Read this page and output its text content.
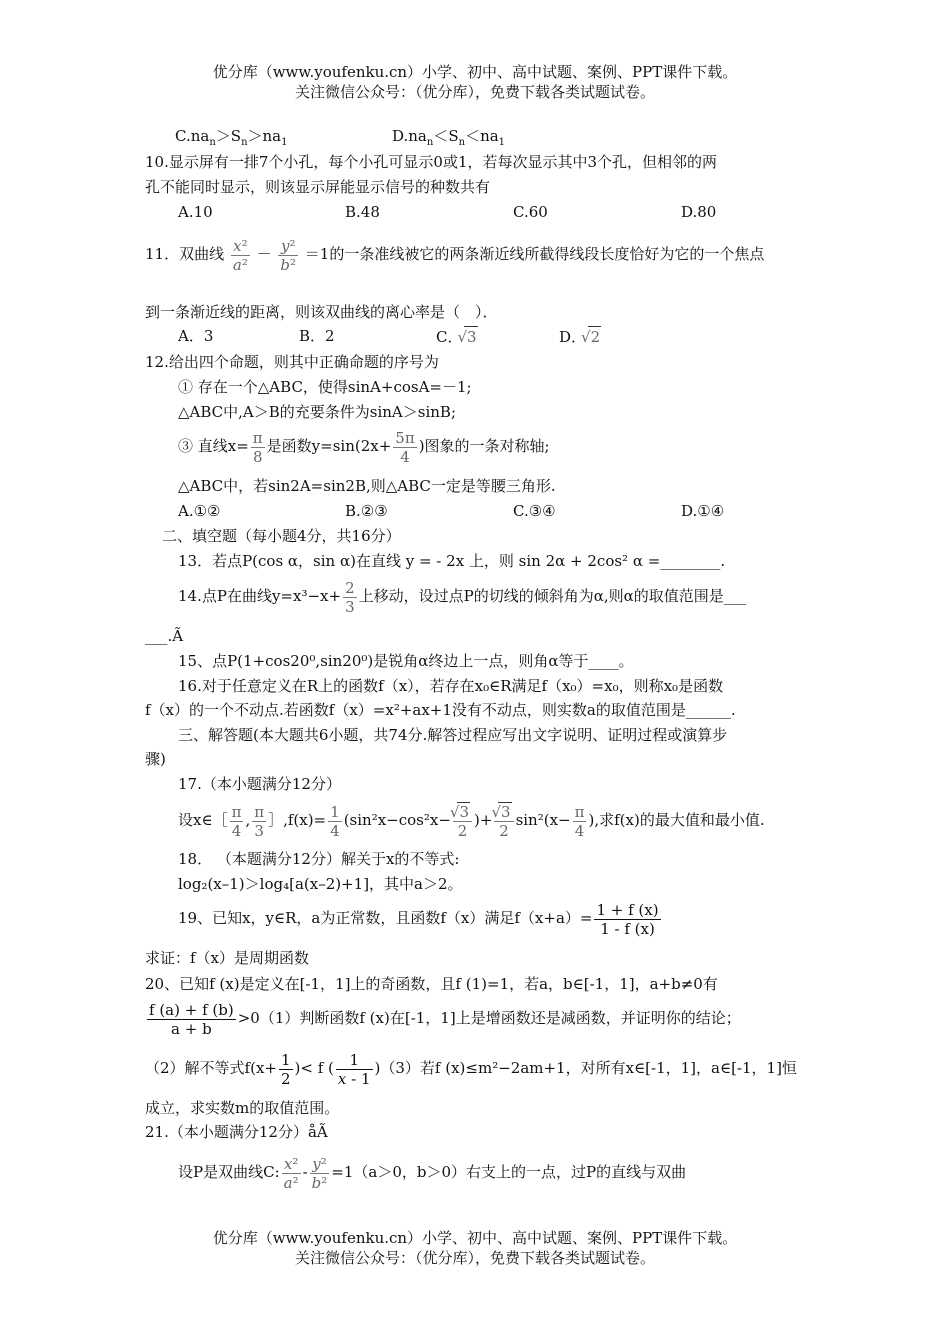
优分库（www.youfenku.cn）小学、初中、高中试题、案例、PPT课件下载。
关注微信公众号：（优分库），免费下载各类试题试卷。
$C.na_n>S_n>na_1$	$D.na_n<S_n<na_1$
10.显示屏有一排7个小孔，每个小孔可显示0或1，若每次显示其中3个孔，但相邻的两
孔不能同时显示，则该显示屏能显示信号的种数共有
A.10	B.48	C.60	D.80
11．双曲线 $\frac{\text{x²}}{\text{a²}} - \frac{\text{y²}}{\text{b²}} =1$的一条准线被它的两条渐近线所截得线段长度恰好为它的一个焦点
到一条渐近线的距离，则该双曲线的离心率是（　）．
A．3	B．2	C． √ 3	D． √ 2
12.给出四个命题，则其中正确命题的序号为
① 存在一个△ABC，使得sinA+cosA=－1;
△ABC中,A＞B的充要条件为sinA＞sinB;
③ 直线$x= \frac{\pi}{8}$ 是函数$y=\sin(2x+ \frac{5\pi}{4}$ )图象的一条对称轴;
△ABC中，若sin2A=sin2B,则△ABC一定是等腰三角形.
A.①②	B.②③	C.③④	D.①④
二、填空题（每小题4分，共16分）
13．若点P(cos α，sin α)在直线 y = - 2x 上，则 sin 2α + 2cos² α =________.
14.点P在曲线$y=x^3-x+ \frac{2}{3}$ 上移动，设过点P的切线的倾斜角为α,则α的取值范围是___
___.Ã
15、点P(1+cos20⁰,sin20⁰)是锐角α终边上一点，则角α等于____。
16.对于任意定义在R上的函数f（x），若存在x₀∈R满足f（x₀）=x₀，则称x₀是函数
f（x）的一个不动点.若函数f（x）=x²+ax+1没有不动点，则实数a的取值范围是______.
三、解答题(本大题共6小题，共74分.解答过程应写出文字说明、证明过程或演算步
骤)
17.（本小题满分12分）
设x∈［ $\frac{\pi}{4}$ , $\frac{\pi}{3}$ ］,f(x)= $\frac{1}{4} (\sin^2x-\cos^2x-$ √ $\frac{3}{2}$ )+ √ $\frac{3}{2} \sin^2(x- \frac{\pi}{4}$ ),求f(x)的最大值和最小值.
18． （本题满分12分）解关于x的不等式:
log₂(x–1)＞log₄[a(x–2)+1]，其中a＞2。
19、已知x，y∈R，a为正常数，且函数f（x）满足$f(x+a)= \frac{1 + f (x)}{1 - f (x)}$
求证：f（x）是周期函数
20、已知f (x)是定义在[-1，1]上的奇函数，且f (1)=1，若a，b∈[-1，1]，a+b≠0有
$\frac{f (a) + f (b)}{a + b} >0(1)$判断函数f (x)在[-1，1]上是增函数还是减函数，并证明你的结论；
（2）解不等式$f(x+ \frac{1}{2}$ )< f ( $\frac{1}{x - 1} )(3)$若f (x)≤m²−2am+1，对所有x∈[-1，1]，a∈[-1，1]恒
成立，求实数m的取值范围。
21.（本小题满分12分）åÃ
设P是双曲线C: $\frac{\text{x²}}{\text{a²}} - \frac{\text{y²}}{\text{b²}} =1(a>0$，b＞0）右支上的一点，过P的直线与双曲
优分库（www.youfenku.cn）小学、初中、高中试题、案例、PPT课件下载。
关注微信公众号：（优分库），免费下载各类试题试卷。
